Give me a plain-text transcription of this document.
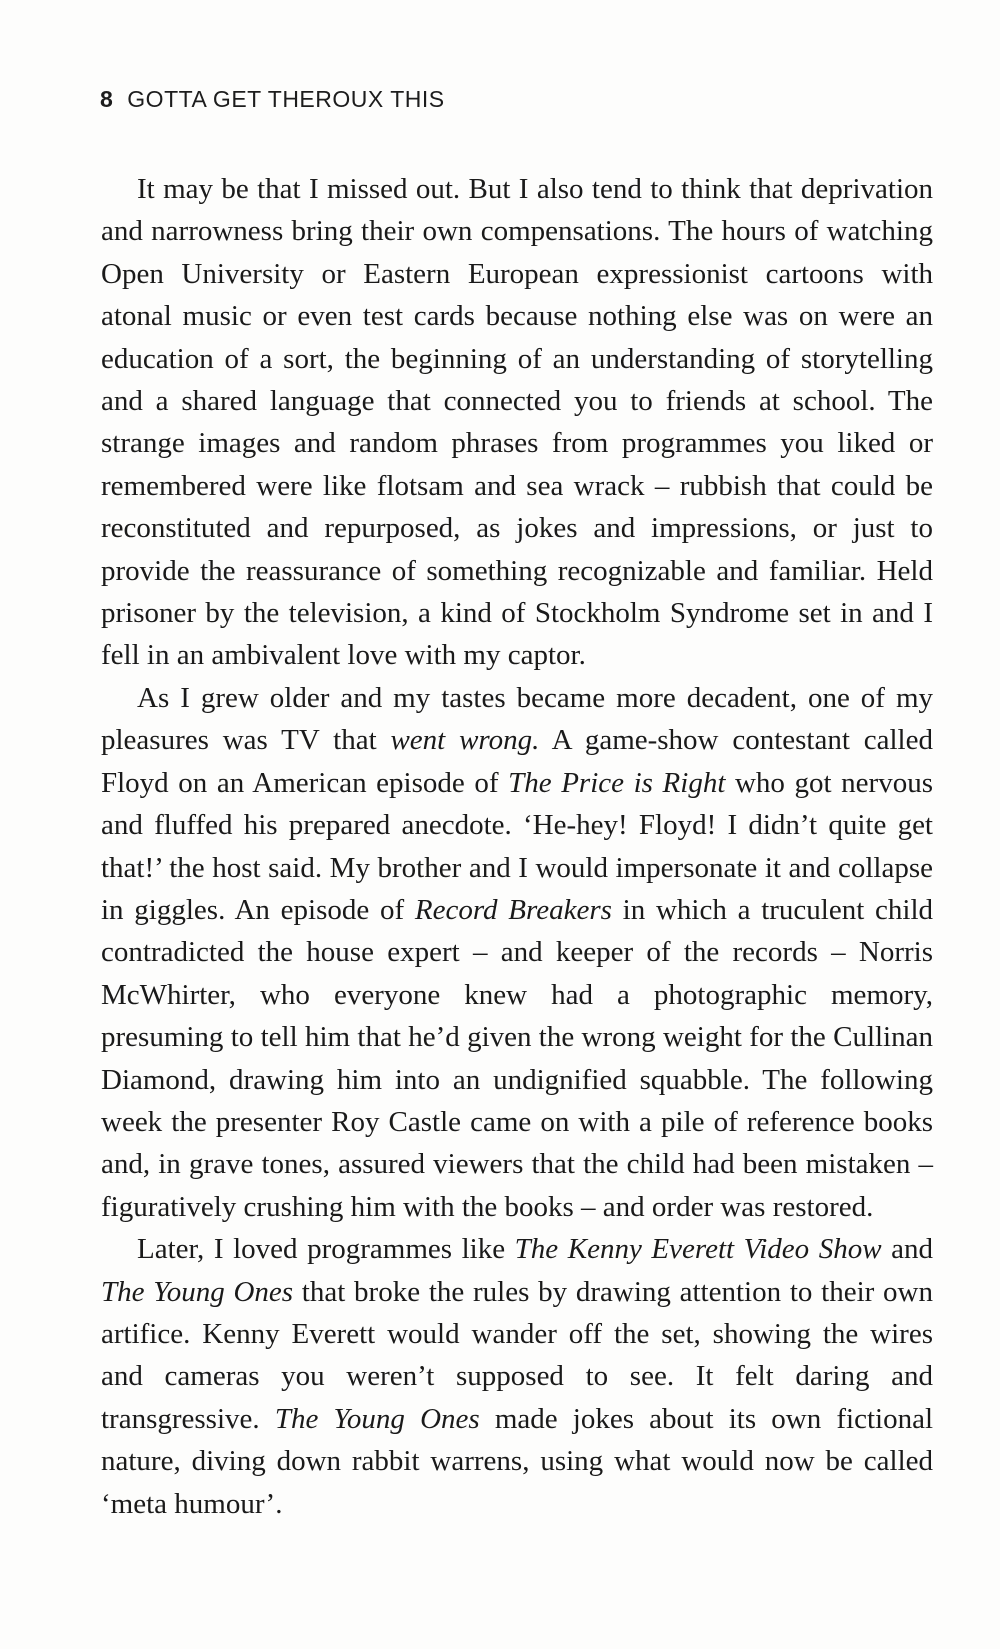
8 GOTTA GET THEROUX THIS

It may be that I missed out. But I also tend to think that deprivation and narrowness bring their own compensations. The hours of watching Open University or Eastern European expressionist cartoons with atonal music or even test cards because nothing else was on were an education of a sort, the beginning of an understanding of storytelling and a shared language that connected you to friends at school. The strange images and random phrases from programmes you liked or remembered were like flotsam and sea wrack – rubbish that could be reconstituted and repurposed, as jokes and impressions, or just to provide the reassurance of something recognizable and familiar. Held prisoner by the television, a kind of Stockholm Syndrome set in and I fell in an ambivalent love with my captor.

As I grew older and my tastes became more decadent, one of my pleasures was TV that went wrong. A game-show contestant called Floyd on an American episode of The Price is Right who got nervous and fluffed his prepared anecdote. ‘He-hey! Floyd! I didn’t quite get that!’ the host said. My brother and I would impersonate it and collapse in giggles. An episode of Record Breakers in which a truculent child contradicted the house expert – and keeper of the records – Norris McWhirter, who everyone knew had a photographic memory, presuming to tell him that he’d given the wrong weight for the Cullinan Diamond, drawing him into an undignified squabble. The following week the presenter Roy Castle came on with a pile of reference books and, in grave tones, assured viewers that the child had been mistaken – figuratively crushing him with the books – and order was restored.

Later, I loved programmes like The Kenny Everett Video Show and The Young Ones that broke the rules by drawing attention to their own artifice. Kenny Everett would wander off the set, showing the wires and cameras you weren’t supposed to see. It felt daring and transgressive. The Young Ones made jokes about its own fictional nature, diving down rabbit warrens, using what would now be called ‘meta humour’.
